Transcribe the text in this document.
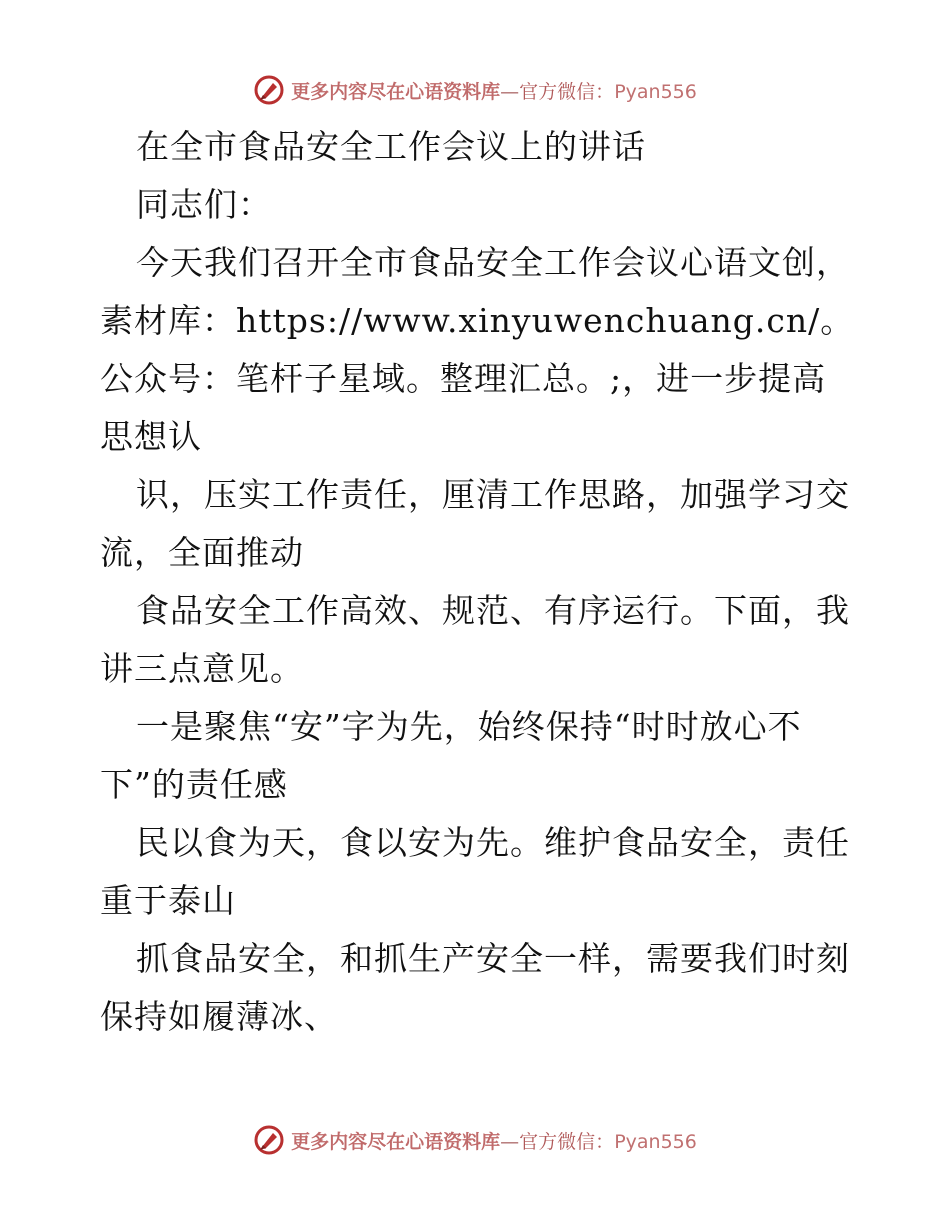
更多内容尽在心语资料库—官方微信：Pyan556

在全市食品安全工作会议上的讲话

同志们：

今天我们召开全市食品安全工作会议心语文创，素材库：https://www.xinyuwenchuang.cn/。公众号：笔杆子星域。整理汇总。;，进一步提高思想认

识，压实工作责任，厘清工作思路，加强学习交流，全面推动

食品安全工作高效、规范、有序运行。下面，我讲三点意见。

一是聚焦“安”字为先，始终保持“时时放心不下”的责任感

民以食为天，食以安为先。维护食品安全，责任重于泰山

抓食品安全，和抓生产安全一样，需要我们时刻保持如履薄冰、

更多内容尽在心语资料库—官方微信：Pyan556
